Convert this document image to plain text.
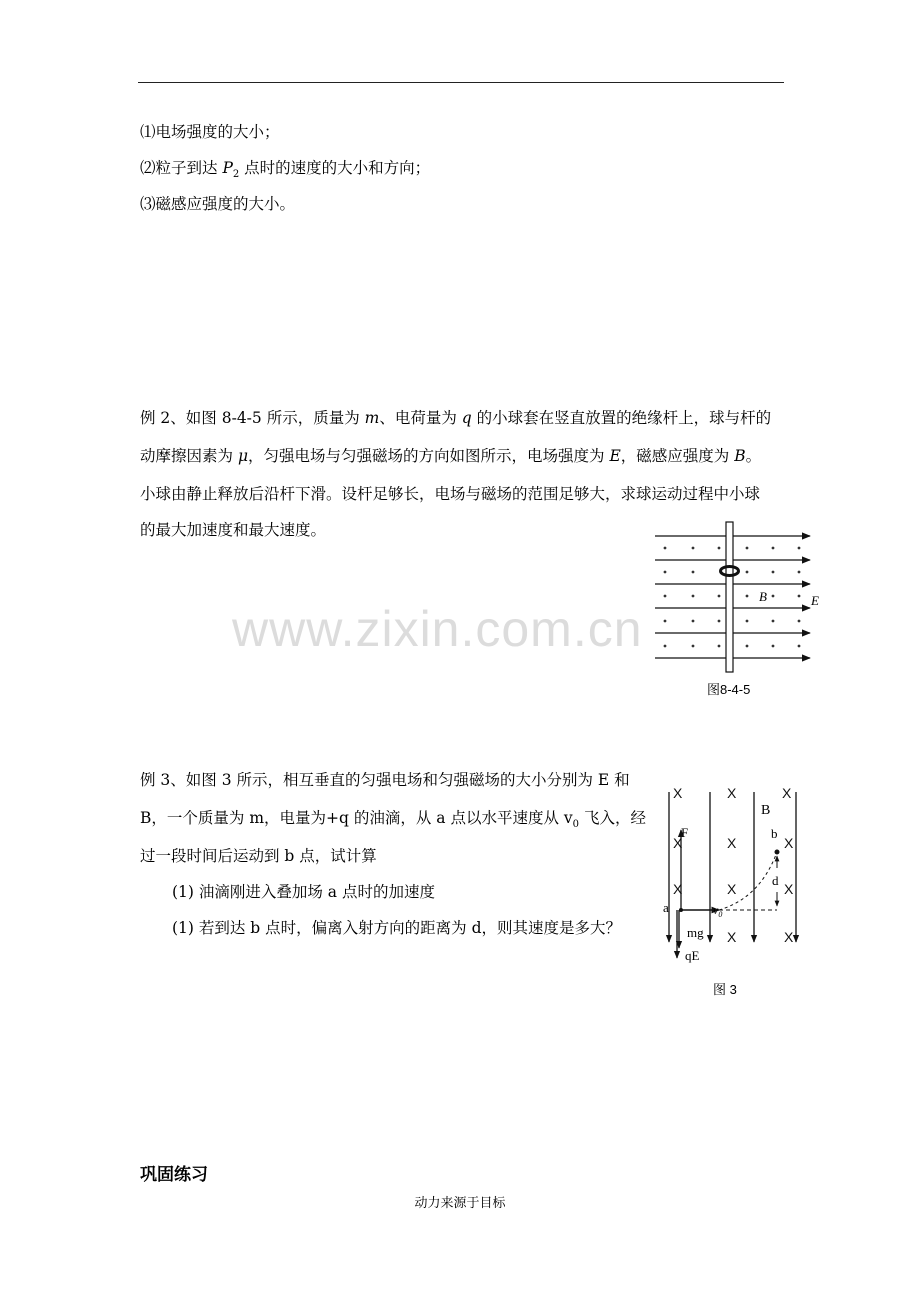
⑴电场强度的大小；
⑵粒子到达 $P_2$ 点时的速度的大小和方向；
⑶磁感应强度的大小。
例 2、如图 8-4-5 所示，质量为 m、电荷量为 q 的小球套在竖直放置的绝缘杆上，球与杆的
动摩擦因素为 μ，匀强电场与匀强磁场的方向如图所示，电场强度为 E，磁感应强度为 B。
小球由静止释放后沿杆下滑。设杆足够长，电场与磁场的范围足够大，求球运动过程中小球
的最大加速度和最大速度。
B	E
图8-4-5
www.zixin.com.cn
例 3、如图 3 所示，相互垂直的匀强电场和匀强磁场的大小分别为 E 和
B，一个质量为 m，电量为+q 的油滴，从 a 点以水平速度从 $v_0$ 飞入，经
过一段时间后运动到 b 点，试计算
(1) 油滴刚进入叠加场 a 点时的加速度
(1) 若到达 b 点时，偏离入射方向的距离为 d，则其速度是多大？
X	X	X
X	X	X
X	X	X
X	X
B
b
F
d
a	$v_0$
mg
qE
图 3
巩固练习
动力来源于目标
